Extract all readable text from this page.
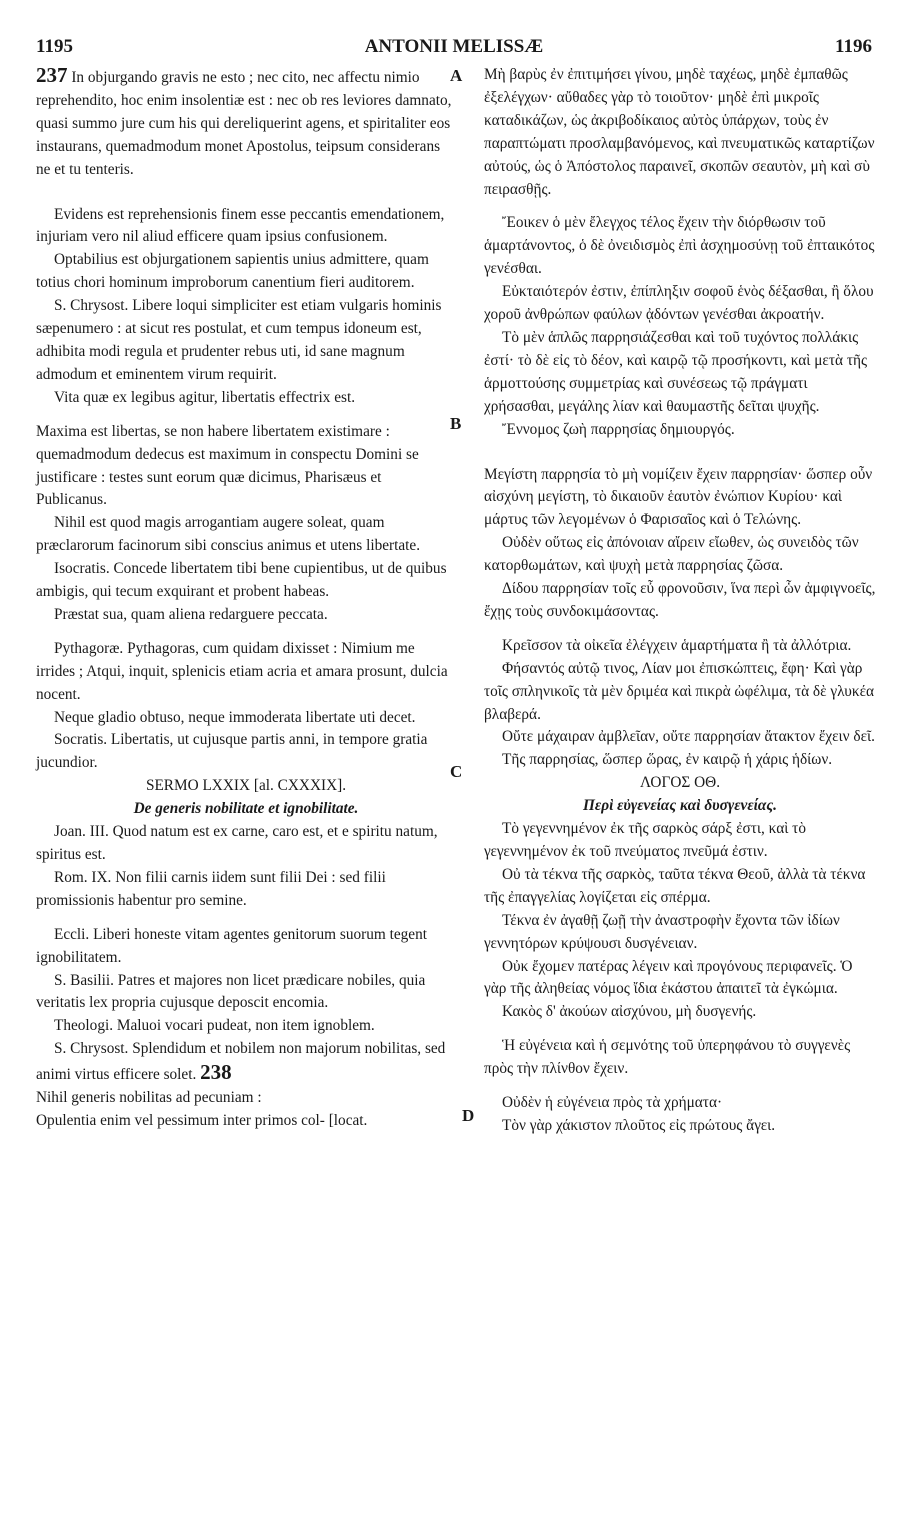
1195	ANTONII MELISSÆ	1196
A
B
C
D

237 In objurgando gravis ne esto ; nec cito, nec affectu nimio reprehendito, hoc enim insolentiæ est : nec ob res leviores damnato, quasi summo jure cum his qui dereliquerint agens, et spiritaliter eos instaurans, quemadmodum monet Apostolus, teipsum considerans ne et tu tenteris.

Evidens est reprehensionis finem esse peccantis emendationem, injuriam vero nil aliud efficere quam ipsius confusionem.

Optabilius est objurgationem sapientis unius admittere, quam totius chori hominum improborum canentium fieri auditorem.

S. Chrysost. Libere loqui simpliciter est etiam vulgaris hominis sæpenumero : at sicut res postulat, et cum tempus idoneum est, adhibita modi regula et prudenter rebus uti, id sane magnum admodum et eminentem virum requirit.

Vita quæ ex legibus agitur, libertatis effectrix est.

Maxima est libertas, se non habere libertatem existimare : quemadmodum dedecus est maximum in conspectu Domini se justificare : testes sunt eorum quæ dicimus, Pharisæus et Publicanus.

Nihil est quod magis arrogantiam augere soleat, quam præclarorum facinorum sibi conscius animus et utens libertate.

Isocratis. Concede libertatem tibi bene cupientibus, ut de quibus ambigis, qui tecum exquirant et probent habeas.

Præstat sua, quam aliena redarguere peccata.

Pythagoræ. Pythagoras, cum quidam dixisset : Nimium me irrides ; Atqui, inquit, splenicis etiam acria et amara prosunt, dulcia nocent.

Neque gladio obtuso, neque immoderata libertate uti decet.

Socratis. Libertatis, ut cujusque partis anni, in tempore gratia jucundior.

SERMO LXXIX [al. CXXXIX].

De generis nobilitate et ignobilitate.

Joan. III. Quod natum est ex carne, caro est, et e spiritu natum, spiritus est.

Rom. IX. Non filii carnis iidem sunt filii Dei : sed filii promissionis habentur pro semine.

Eccli. Liberi honeste vitam agentes genitorum suorum tegent ignobilitatem.

S. Basilii. Patres et majores non licet prædicare nobiles, quia veritatis lex propria cujusque deposcit encomia.

Theologi. Maluoi vocari pudeat, non item ignoblem.

S. Chrysost. Splendidum et nobilem non majorum nobilitas, sed animi virtus efficere solet. 238

Nihil generis nobilitas ad pecuniam :

Opulentia enim vel pessimum inter primos col- [locat.

Μὴ βαρὺς ἐν ἐπιτιμήσει γίνου, μηδὲ ταχέως, μηδὲ ἐμπαθῶς ἐξελέγχων· αὔθαδες γὰρ τὸ τοιοῦτον· μηδὲ ἐπὶ μικροῖς καταδικάζων, ὡς ἀκριβοδίκαιος αὐτὸς ὑπάρχων, τοὺς ἐν παραπτώματι προσλαμβανόμενος, καὶ πνευματικῶς καταρτίζων αὐτούς, ὡς ὁ Ἀπόστολος παραινεῖ, σκοπῶν σεαυτὸν, μὴ καὶ σὺ πειρασθῇς.

Ἔοικεν ὁ μὲν ἔλεγχος τέλος ἔχειν τὴν διόρθωσιν τοῦ ἁμαρτάνοντος, ὁ δὲ ὀνειδισμὸς ἐπὶ ἀσχημοσύνῃ τοῦ ἐπταικότος γενέσθαι.

Εὐκταιότερόν ἐστιν, ἐπίπληξιν σοφοῦ ἑνὸς δέξασθαι, ἢ ὅλου χοροῦ ἀνθρώπων φαύλων ᾀδόντων γενέσθαι ἀκροατήν.

Τὸ μὲν ἁπλῶς παρρησιάζεσθαι καὶ τοῦ τυχόντος πολλάκις ἐστί· τὸ δὲ εἰς τὸ δέον, καὶ καιρῷ τῷ προσήκοντι, καὶ μετὰ τῆς ἁρμοττούσης συμμετρίας καὶ συνέσεως τῷ πράγματι χρήσασθαι, μεγάλης λίαν καὶ θαυμαστῆς δεῖται ψυχῆς.

Ἔννομος ζωὴ παρρησίας δημιουργός.

Μεγίστη παρρησία τὸ μὴ νομίζειν ἔχειν παρρησίαν· ὥσπερ οὖν αἰσχύνη μεγίστη, τὸ δικαιοῦν ἑαυτὸν ἐνώπιον Κυρίου· καὶ μάρτυς τῶν λεγομένων ὁ Φαρισαῖος καὶ ὁ Τελώνης.

Οὐδὲν οὕτως εἰς ἀπόνοιαν αἴρειν εἴωθεν, ὡς συνειδὸς τῶν κατορθωμάτων, καὶ ψυχὴ μετὰ παρρησίας ζῶσα.

Δίδου παρρησίαν τοῖς εὖ φρονοῦσιν, ἵνα περὶ ὧν ἀμφιγνοεῖς, ἔχῃς τοὺς συνδοκιμάσοντας.

Κρεῖσσον τὰ οἰκεῖα ἐλέγχειν ἁμαρτήματα ἢ τὰ ἀλλότρια.

Φήσαντός αὐτῷ τινος, Λίαν μοι ἐπισκώπτεις, ἔφη· Καὶ γὰρ τοῖς σπληνικοῖς τὰ μὲν δριμέα καὶ πικρὰ ὠφέλιμα, τὰ δὲ γλυκέα βλαβερά.

Οὔτε μάχαιραν ἀμβλεῖαν, οὔτε παρρησίαν ἄτακτον ἔχειν δεῖ.

Τῆς παρρησίας, ὥσπερ ὥρας, ἐν καιρῷ ἡ χάρις ἡδίων.

ΛΟΓΟΣ ΟΘ.

Περὶ εὐγενείας καὶ δυσγενείας.

Τὸ γεγεννημένον ἐκ τῆς σαρκὸς σάρξ ἐστι, καὶ τὸ γεγεννημένον ἐκ τοῦ πνεύματος πνεῦμά ἐστιν.

Οὐ τὰ τέκνα τῆς σαρκὸς, ταῦτα τέκνα Θεοῦ, ἀλλὰ τὰ τέκνα τῆς ἐπαγγελίας λογίζεται εἰς σπέρμα.

Τέκνα ἐν ἀγαθῇ ζωῇ τὴν ἀναστροφὴν ἔχοντα τῶν ἰδίων γεννητόρων κρύψουσι δυσγένειαν.

Οὐκ ἔχομεν πατέρας λέγειν καὶ προγόνους περιφανεῖς. Ὁ γὰρ τῆς ἀληθείας νόμος ἴδια ἑκάστου ἀπαιτεῖ τὰ ἐγκώμια.

Κακὸς δ' ἀκούων αἰσχύνου, μὴ δυσγενής.

Ἡ εὐγένεια καὶ ἡ σεμνότης τοῦ ὑπερηφάνου τὸ συγγενὲς πρὸς τὴν πλίνθον ἔχειν.

Οὐδὲν ἡ εὐγένεια πρὸς τὰ χρήματα·

Τὸν γὰρ χάκιστον πλοῦτος εἰς πρώτους ἄγει.
